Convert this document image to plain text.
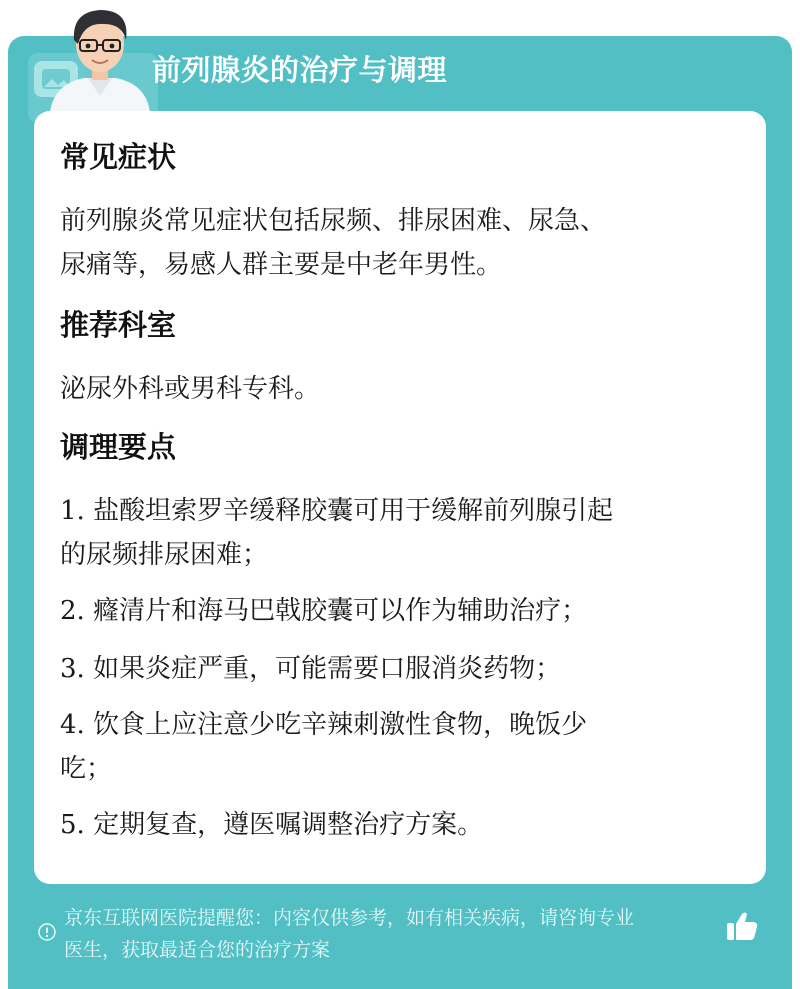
前列腺炎的治疗与调理
常见症状
前列腺炎常见症状包括尿频、排尿困难、尿急、
尿痛等，易感人群主要是中老年男性。
推荐科室
泌尿外科或男科专科。
调理要点
1. 盐酸坦索罗辛缓释胶囊可用于缓解前列腺引起
的尿频排尿困难；
2. 癃清片和海马巴戟胶囊可以作为辅助治疗；
3. 如果炎症严重，可能需要口服消炎药物；
4. 饮食上应注意少吃辛辣刺激性食物，晚饭少
吃；
5. 定期复查，遵医嘱调整治疗方案。
京东互联网医院提醒您：内容仅供参考，如有相关疾病，请咨询专业
医生，获取最适合您的治疗方案
